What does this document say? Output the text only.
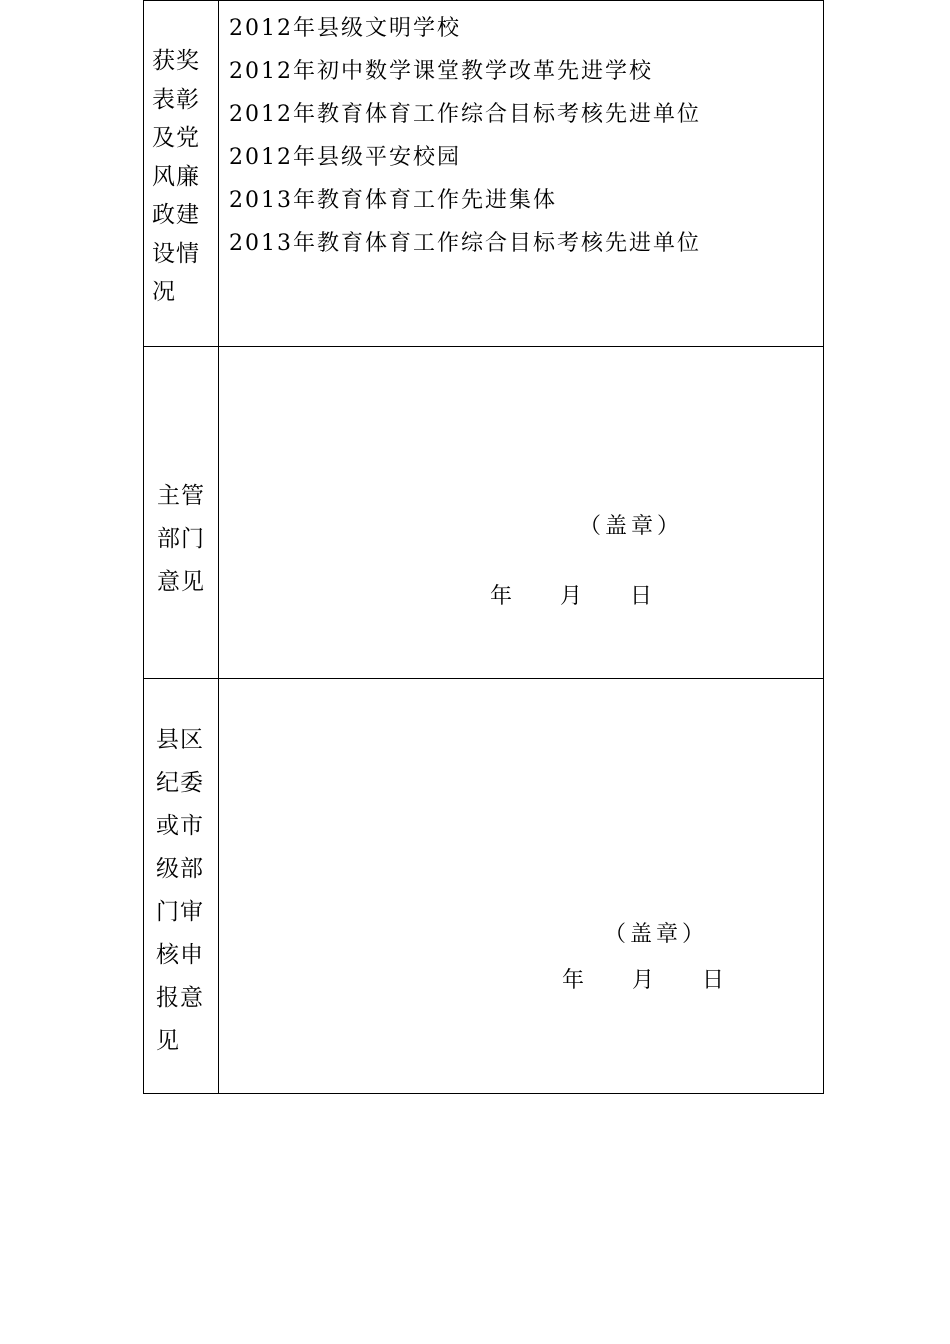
获奖表彰及党风廉政建设情况
2012年县级文明学校
2012年初中数学课堂教学改革先进学校
2012年教育体育工作综合目标考核先进单位
2012年县级平安校园
2013年教育体育工作先进集体
2013年教育体育工作综合目标考核先进单位
主管部门意见
（盖章）
年 月 日
县区纪委或市级部门审核申报意见
（盖章）
年 月 日
